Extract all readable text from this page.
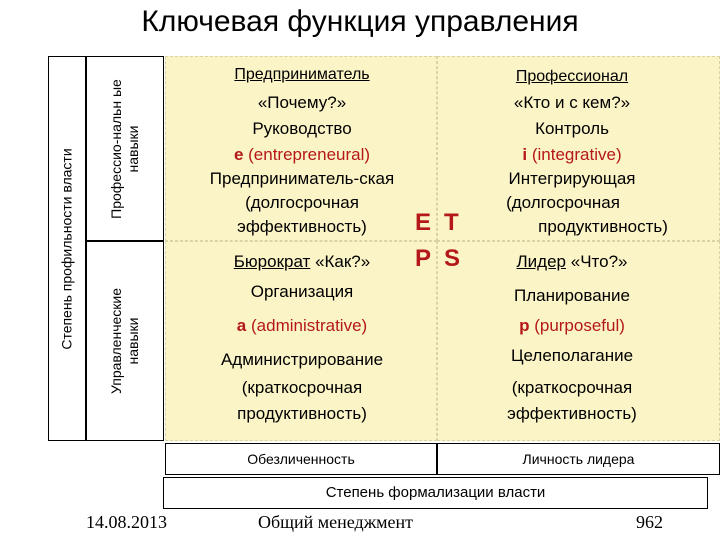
Ключевая функция управления
Степень профильности власти Профессио-нальн ые навыки
Управленческие навыки
Предприниматель
«Почему?»
Руководство
e (entrepreneural)
Предприниматель-ская
(долгосрочная
эффективность)
Профессионал
«Кто и с кем?»
Контроль
i (integrative)
Интегрирующая
(долгосрочная
продуктивность)
Бюрократ «Как?»
Организация
a (administrative)
Администрирование
(краткосрочная
продуктивность)
Лидер «Что?»
Планирование
p (purposeful)
Целеполагание
(краткосрочная
эффективность)
E T
P S
Обезличенность	Личность лидера
Степень формализации власти
14.08.2013	Общий менеджмент	962
